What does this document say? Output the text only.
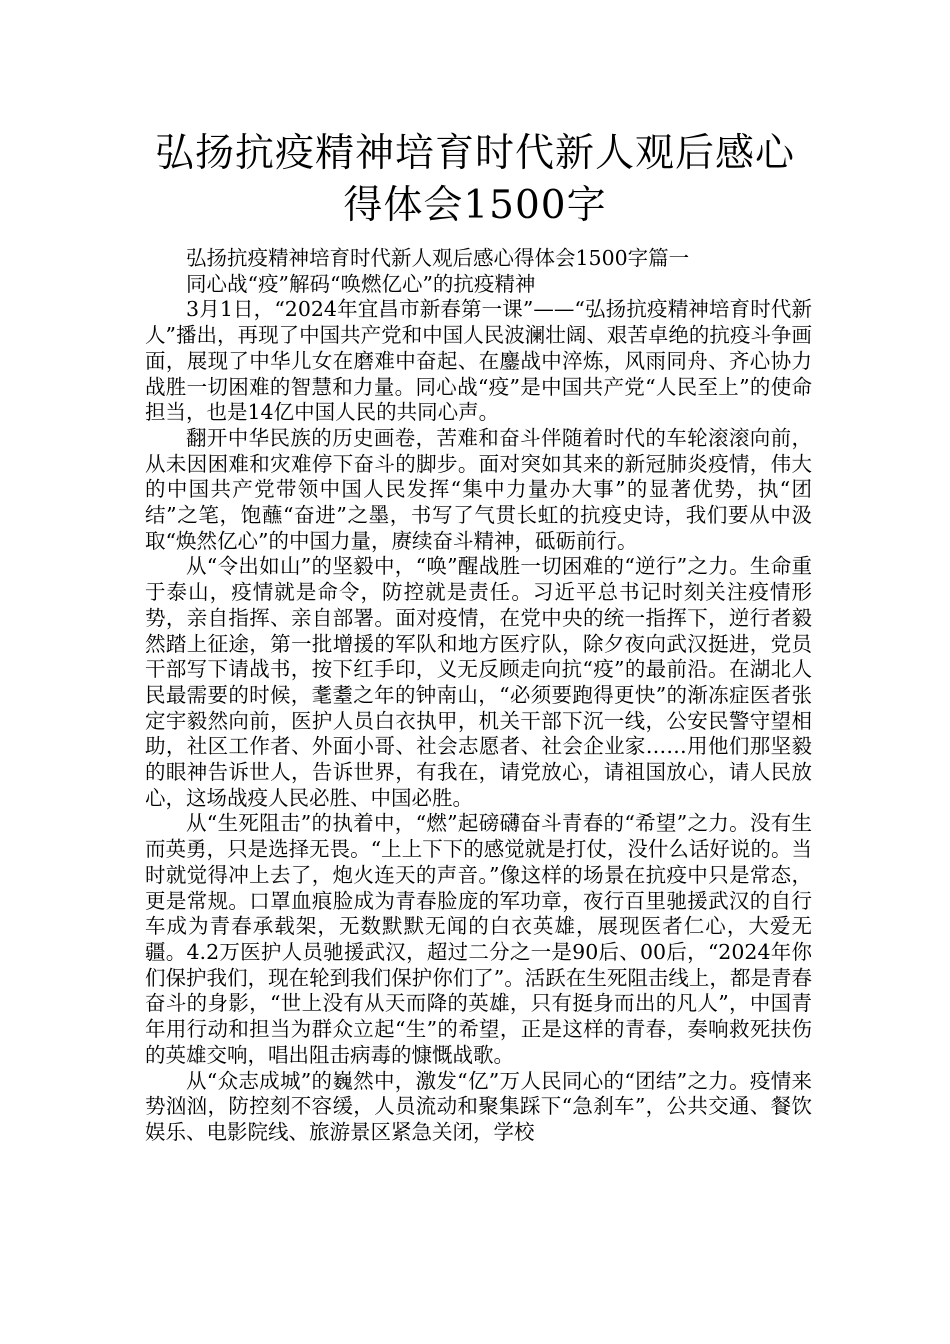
弘扬抗疫精神培育时代新人观后感心得体会1500字

弘扬抗疫精神培育时代新人观后感心得体会1500字篇一

同心战“疫”解码“唤燃亿心”的抗疫精神

3月1日，“2024年宜昌市新春第一课”——“弘扬抗疫精神培育时代新人”播出，再现了中国共产党和中国人民波澜壮阔、艰苦卓绝的抗疫斗争画面，展现了中华儿女在磨难中奋起、在鏖战中淬炼，风雨同舟、齐心协力战胜一切困难的智慧和力量。同心战“疫”是中国共产党“人民至上”的使命担当，也是14亿中国人民的共同心声。

翻开中华民族的历史画卷，苦难和奋斗伴随着时代的车轮滚滚向前，从未因困难和灾难停下奋斗的脚步。面对突如其来的新冠肺炎疫情，伟大的中国共产党带领中国人民发挥“集中力量办大事”的显著优势，执“团结”之笔，饱蘸“奋进”之墨，书写了气贯长虹的抗疫史诗，我们要从中汲取“焕然亿心”的中国力量，赓续奋斗精神，砥砺前行。

从“令出如山”的坚毅中，“唤”醒战胜一切困难的“逆行”之力。生命重于泰山，疫情就是命令，防控就是责任。习近平总书记时刻关注疫情形势，亲自指挥、亲自部署。面对疫情，在党中央的统一指挥下，逆行者毅然踏上征途，第一批增援的军队和地方医疗队，除夕夜向武汉挺进，党员干部写下请战书，按下红手印，义无反顾走向抗“疫”的最前沿。在湖北人民最需要的时候，耄耋之年的钟南山，“必须要跑得更快”的渐冻症医者张定宇毅然向前，医护人员白衣执甲，机关干部下沉一线，公安民警守望相助，社区工作者、外面小哥、社会志愿者、社会企业家……用他们那坚毅的眼神告诉世人，告诉世界，有我在，请党放心，请祖国放心，请人民放心，这场战疫人民必胜、中国必胜。

从“生死阻击”的执着中，“燃”起磅礴奋斗青春的“希望”之力。没有生而英勇，只是选择无畏。“上上下下的感觉就是打仗，没什么话好说的。当时就觉得冲上去了，炮火连天的声音。”像这样的场景在抗疫中只是常态，更是常规。口罩血痕脸成为青春脸庞的军功章，夜行百里驰援武汉的自行车成为青春承载架，无数默默无闻的白衣英雄，展现医者仁心，大爱无疆。4.2万医护人员驰援武汉，超过二分之一是90后、00后，“2024年你们保护我们，现在轮到我们保护你们了”。活跃在生死阻击线上，都是青春奋斗的身影，“世上没有从天而降的英雄，只有挺身而出的凡人”，中国青年用行动和担当为群众立起“生”的希望，正是这样的青春，奏响救死扶伤的英雄交响，唱出阻击病毒的慷慨战歌。

从“众志成城”的巍然中，激发“亿”万人民同心的“团结”之力。疫情来势汹汹，防控刻不容缓，人员流动和聚集踩下“急刹车”，公共交通、餐饮娱乐、电影院线、旅游景区紧急关闭，学校
